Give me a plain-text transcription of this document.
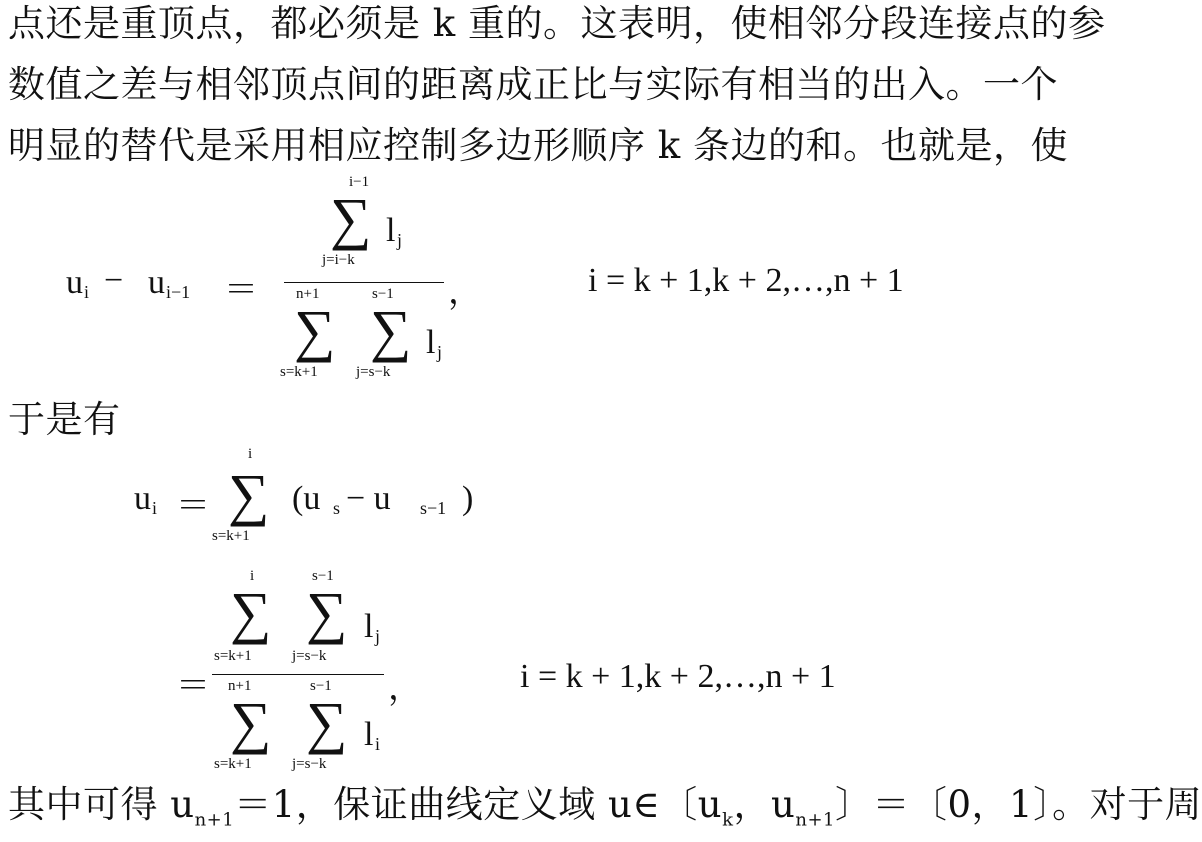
点还是重顶点，都必须是 k 重的。这表明，使相邻分段连接点的参
数值之差与相邻顶点间的距离成正比与实际有相当的出入。一个
明显的替代是采用相应控制多边形顺序 k 条边的和。也就是，使
u i − u i−1 ＝
i−1
∑
j=i−k
l j
n+1	s−1
∑ ∑
s=k+1	j=s−k
l j
，	i = k + 1,k + 2,…,n + 1
于是有
u i ＝
i
∑
s=k+1
(u s − u s−1 )
＝
i	s−1
∑ ∑
s=k+1	j=s−k
l j
n+1	s−1
∑ ∑
s=k+1	j=s−k
l i
，	i = k + 1,k + 2,…,n + 1
其中可得 $u_{n+1}=1$，保证曲线定义域 u∈〔$u_k$，$u_{n+1}$〕＝〔0，1〕。对于周
